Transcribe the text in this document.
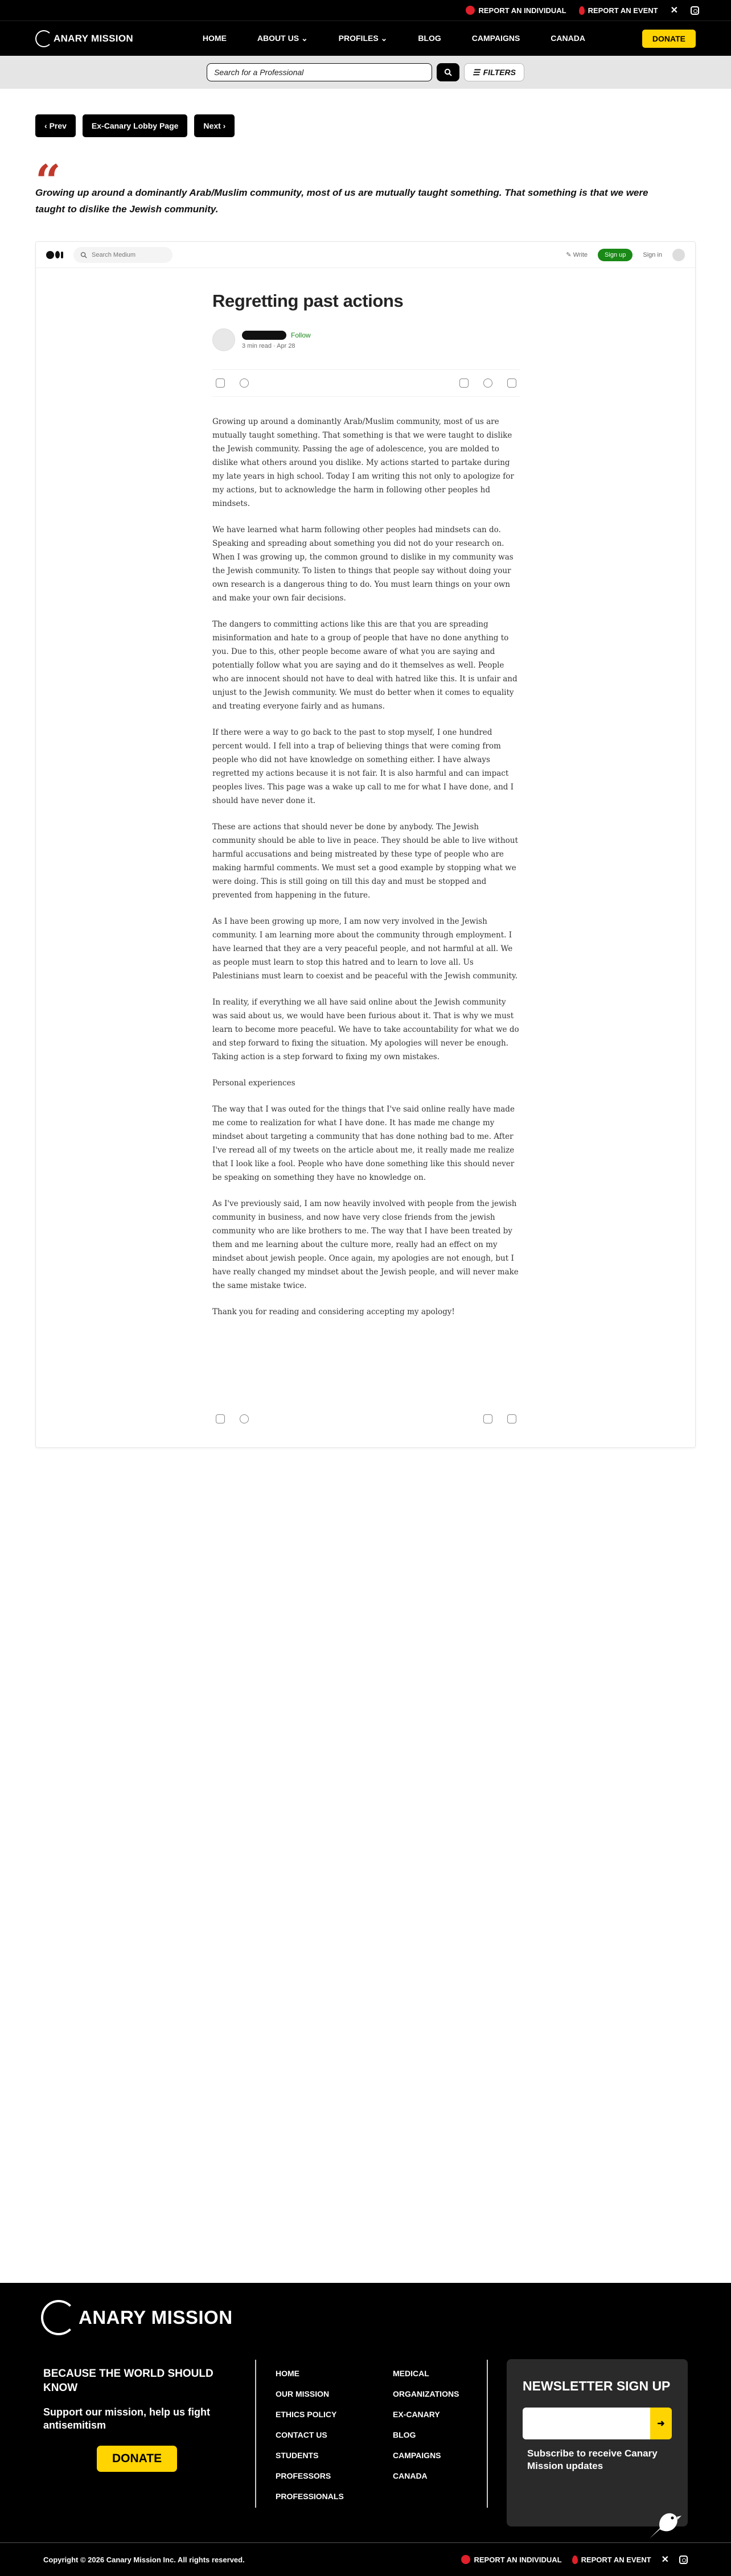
REPORT AN INDIVIDUAL	REPORT AN EVENT ✕
ANARY MISSION	HOME	ABOUT US ⌄	PROFILES ⌄	BLOG	CAMPAIGNS	CANADA	DONATE
Search for a Professional	☰ FILTERS
‹ Prev	Ex-Canary Lobby Page	Next ›
“
Growing up around a dominantly Arab/Muslim community, most of us are mutually taught something. That something is that we were taught to dislike the Jewish community.
Search Medium	✎ Write	Sign up	Sign in
Regretting past actions
Follow
3 min read · Apr 28

Growing up around a dominantly Arab/Muslim community, most of us are mutually taught something. That something is that we were taught to dislike the Jewish community. Passing the age of adolescence, you are molded to dislike what others around you dislike. My actions started to partake during my late years in high school. Today I am writing this not only to apologize for my actions, but to acknowledge the harm in following other peoples hd mindsets.

We have learned what harm following other peoples had mindsets can do. Speaking and spreading about something you did not do your research on. When I was growing up, the common ground to dislike in my community was the Jewish community. To listen to things that people say without doing your own research is a dangerous thing to do. You must learn things on your own and make your own fair decisions.

The dangers to committing actions like this are that you are spreading misinformation and hate to a group of people that have no done anything to you. Due to this, other people become aware of what you are saying and potentially follow what you are saying and do it themselves as well. People who are innocent should not have to deal with hatred like this. It is unfair and unjust to the Jewish community. We must do better when it comes to equality and treating everyone fairly and as humans.

If there were a way to go back to the past to stop myself, I one hundred percent would. I fell into a trap of believing things that were coming from people who did not have knowledge on something either. I have always regretted my actions because it is not fair. It is also harmful and can impact peoples lives. This page was a wake up call to me for what I have done, and I should have never done it.

These are actions that should never be done by anybody. The Jewish community should be able to live in peace. They should be able to live without harmful accusations and being mistreated by these type of people who are making harmful comments. We must set a good example by stopping what we were doing. This is still going on till this day and must be stopped and prevented from happening in the future.

As I have been growing up more, I am now very involved in the Jewish community. I am learning more about the community through employment. I have learned that they are a very peaceful people, and not harmful at all. We as people must learn to stop this hatred and to learn to love all. Us Palestinians must learn to coexist and be peaceful with the Jewish community.

In reality, if everything we all have said online about the Jewish community was said about us, we would have been furious about it. That is why we must learn to become more peaceful. We have to take accountability for what we do and step forward to fixing the situation. My apologies will never be enough. Taking action is a step forward to fixing my own mistakes.

Personal experiences

The way that I was outed for the things that I've said online really have made me come to realization for what I have done. It has made me change my mindset about targeting a community that has done nothing bad to me. After I've reread all of my tweets on the article about me, it really made me realize that I look like a fool. People who have done something like this should never be speaking on something they have no knowledge on.

As I've previously said, I am now heavily involved with people from the jewish community in business, and now have very close friends from the jewish community who are like brothers to me. The way that I have been treated by them and me learning about the culture more, really had an effect on my mindset about jewish people. Once again, my apologies are not enough, but I have really changed my mindset about the Jewish people, and will never make the same mistake twice.

Thank you for reading and considering accepting my apology!

ANARY MISSION
BECAUSE THE WORLD SHOULD KNOW
Support our mission, help us fight antisemitism
DONATE
HOME
OUR MISSION
ETHICS POLICY
CONTACT US
STUDENTS
PROFESSORS
PROFESSIONALS
MEDICAL
ORGANIZATIONS
EX-CANARY
BLOG
CAMPAIGNS
CANADA
NEWSLETTER SIGN UP
➜

Subscribe to receive Canary Mission updates

Copyright © 2026 Canary Mission Inc. All rights reserved.	REPORT AN INDIVIDUAL	REPORT AN EVENT ✕
